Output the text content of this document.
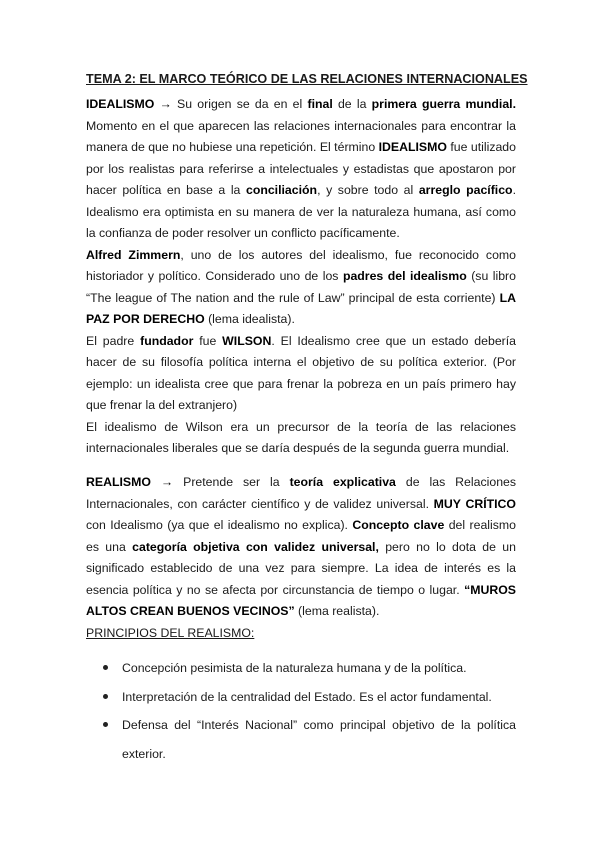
TEMA 2: EL MARCO TEÓRICO DE LAS RELACIONES INTERNACIONALES

IDEALISMO → Su origen se da en el final de la primera guerra mundial. Momento en el que aparecen las relaciones internacionales para encontrar la manera de que no hubiese una repetición. El término IDEALISMO fue utilizado por los realistas para referirse a intelectuales y estadistas que apostaron por hacer política en base a la conciliación, y sobre todo al arreglo pacífico. Idealismo era optimista en su manera de ver la naturaleza humana, así como la confianza de poder resolver un conflicto pacíficamente.

Alfred Zimmern, uno de los autores del idealismo, fue reconocido como historiador y político. Considerado uno de los padres del idealismo (su libro “The league of The nation and the rule of Law” principal de esta corriente) LA PAZ POR DERECHO (lema idealista).

El padre fundador fue WILSON. El Idealismo cree que un estado debería hacer de su filosofía política interna el objetivo de su política exterior. (Por ejemplo: un idealista cree que para frenar la pobreza en un país primero hay que frenar la del extranjero)

El idealismo de Wilson era un precursor de la teoría de las relaciones internacionales liberales que se daría después de la segunda guerra mundial.

REALISMO → Pretende ser la teoría explicativa de las Relaciones Internacionales, con carácter científico y de validez universal. MUY CRÍTICO con Idealismo (ya que el idealismo no explica). Concepto clave del realismo es una categoría objetiva con validez universal, pero no lo dota de un significado establecido de una vez para siempre. La idea de interés es la esencia política y no se afecta por circunstancia de tiempo o lugar. “MUROS ALTOS CREAN BUENOS VECINOS” (lema realista).

PRINCIPIOS DEL REALISMO:
Concepción pesimista de la naturaleza humana y de la política.
Interpretación de la centralidad del Estado. Es el actor fundamental.
Defensa del “Interés Nacional” como principal objetivo de la política exterior.
